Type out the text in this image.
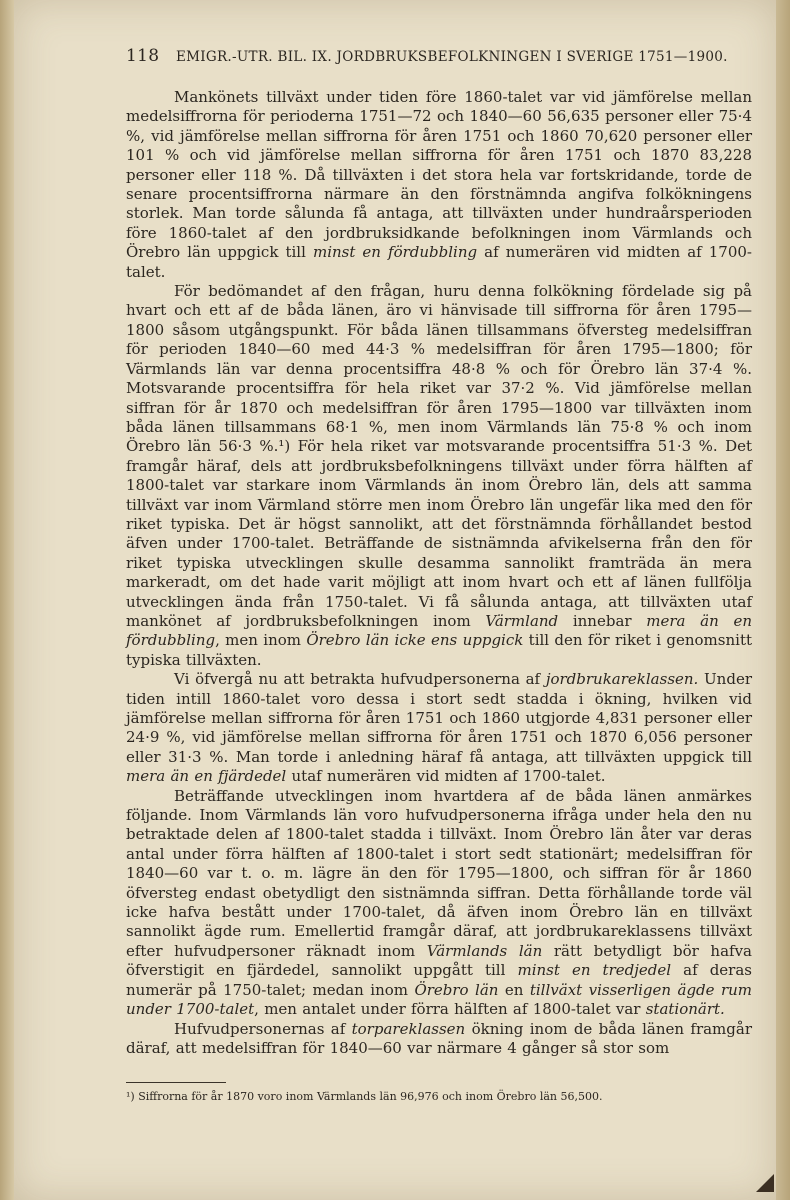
118 EMIGR.-UTR. BIL. IX. JORDBRUKSBEFOLKNINGEN I SVERIGE 1751—1900.

Mankönets tillväxt under tiden före 1860-talet var vid jämförelse mellan medelsiffrorna för perioderna 1751—72 och 1840—60 56,635 personer eller 75·4 %, vid jämförelse mellan siffrorna för åren 1751 och 1860 70,620 personer eller 101 % och vid jämförelse mellan siffrorna för åren 1751 och 1870 83,228 personer eller 118 %. Då tillväxten i det stora hela var fortskridande, torde de senare procentsiffrorna närmare än den förstnämnda angifva folkökningens storlek. Man torde sålunda få antaga, att tillväxten under hundraårsperioden före 1860-talet af den jordbruksidkande befolkningen inom Värmlands och Örebro län uppgick till minst en fördubbling af numerären vid midten af 1700-talet.

För bedömandet af den frågan, huru denna folkökning fördelade sig på hvart och ett af de båda länen, äro vi hänvisade till siffrorna för åren 1795—1800 såsom utgångspunkt. För båda länen tillsammans öfversteg medelsiffran för perioden 1840—60 med 44·3 % medelsiffran för åren 1795—1800; för Värmlands län var denna procentsiffra 48·8 % och för Örebro län 37·4 %. Motsvarande procentsiffra för hela riket var 37·2 %. Vid jämförelse mellan siffran för år 1870 och medelsiffran för åren 1795—1800 var tillväxten inom båda länen tillsammans 68·1 %, men inom Värmlands län 75·8 % och inom Örebro län 56·3 %.¹) För hela riket var motsvarande procentsiffra 51·3 %. Det framgår häraf, dels att jordbruksbefolkningens tillväxt under förra hälften af 1800-talet var starkare inom Värmlands än inom Örebro län, dels att samma tillväxt var inom Värmland större men inom Örebro län ungefär lika med den för riket typiska. Det är högst sannolikt, att det förstnämnda förhållandet bestod äfven under 1700-talet. Beträffande de sistnämnda afvikelserna från den för riket typiska utvecklingen skulle desamma sannolikt framträda än mera markeradt, om det hade varit möjligt att inom hvart och ett af länen fullfölja utvecklingen ända från 1750-talet. Vi få sålunda antaga, att tillväxten utaf mankönet af jordbruksbefolkningen inom Värmland innebar mera än en fördubbling, men inom Örebro län icke ens uppgick till den för riket i genomsnitt typiska tillväxten.

Vi öfvergå nu att betrakta hufvudpersonerna af jordbrukareklassen. Under tiden intill 1860-talet voro dessa i stort sedt stadda i ökning, hvilken vid jämförelse mellan siffrorna för åren 1751 och 1860 utgjorde 4,831 personer eller 24·9 %, vid jämförelse mellan siffrorna för åren 1751 och 1870 6,056 personer eller 31·3 %. Man torde i anledning häraf få antaga, att tillväxten uppgick till mera än en fjärdedel utaf numerären vid midten af 1700-talet.

Beträffande utvecklingen inom hvartdera af de båda länen anmärkes följande. Inom Värmlands län voro hufvudpersonerna ifråga under hela den nu betraktade delen af 1800-talet stadda i tillväxt. Inom Örebro län åter var deras antal under förra hälften af 1800-talet i stort sedt stationärt; medelsiffran för 1840—60 var t. o. m. lägre än den för 1795—1800, och siffran för år 1860 öfversteg endast obetydligt den sistnämnda siffran. Detta förhållande torde väl icke hafva bestått under 1700-talet, då äfven inom Örebro län en tillväxt sannolikt ägde rum. Emellertid framgår däraf, att jordbrukareklassens tillväxt efter hufvudpersoner räknadt inom Värmlands län rätt betydligt bör hafva öfverstigit en fjärdedel, sannolikt uppgått till minst en tredjedel af deras numerär på 1750-talet; medan inom Örebro län en tillväxt visserligen ägde rum under 1700-talet, men antalet under förra hälften af 1800-talet var stationärt.

Hufvudpersonernas af torpareklassen ökning inom de båda länen framgår däraf, att medelsiffran för 1840—60 var närmare 4 gånger så stor som

¹) Siffrorna för år 1870 voro inom Värmlands län 96,976 och inom Örebro län 56,500.
